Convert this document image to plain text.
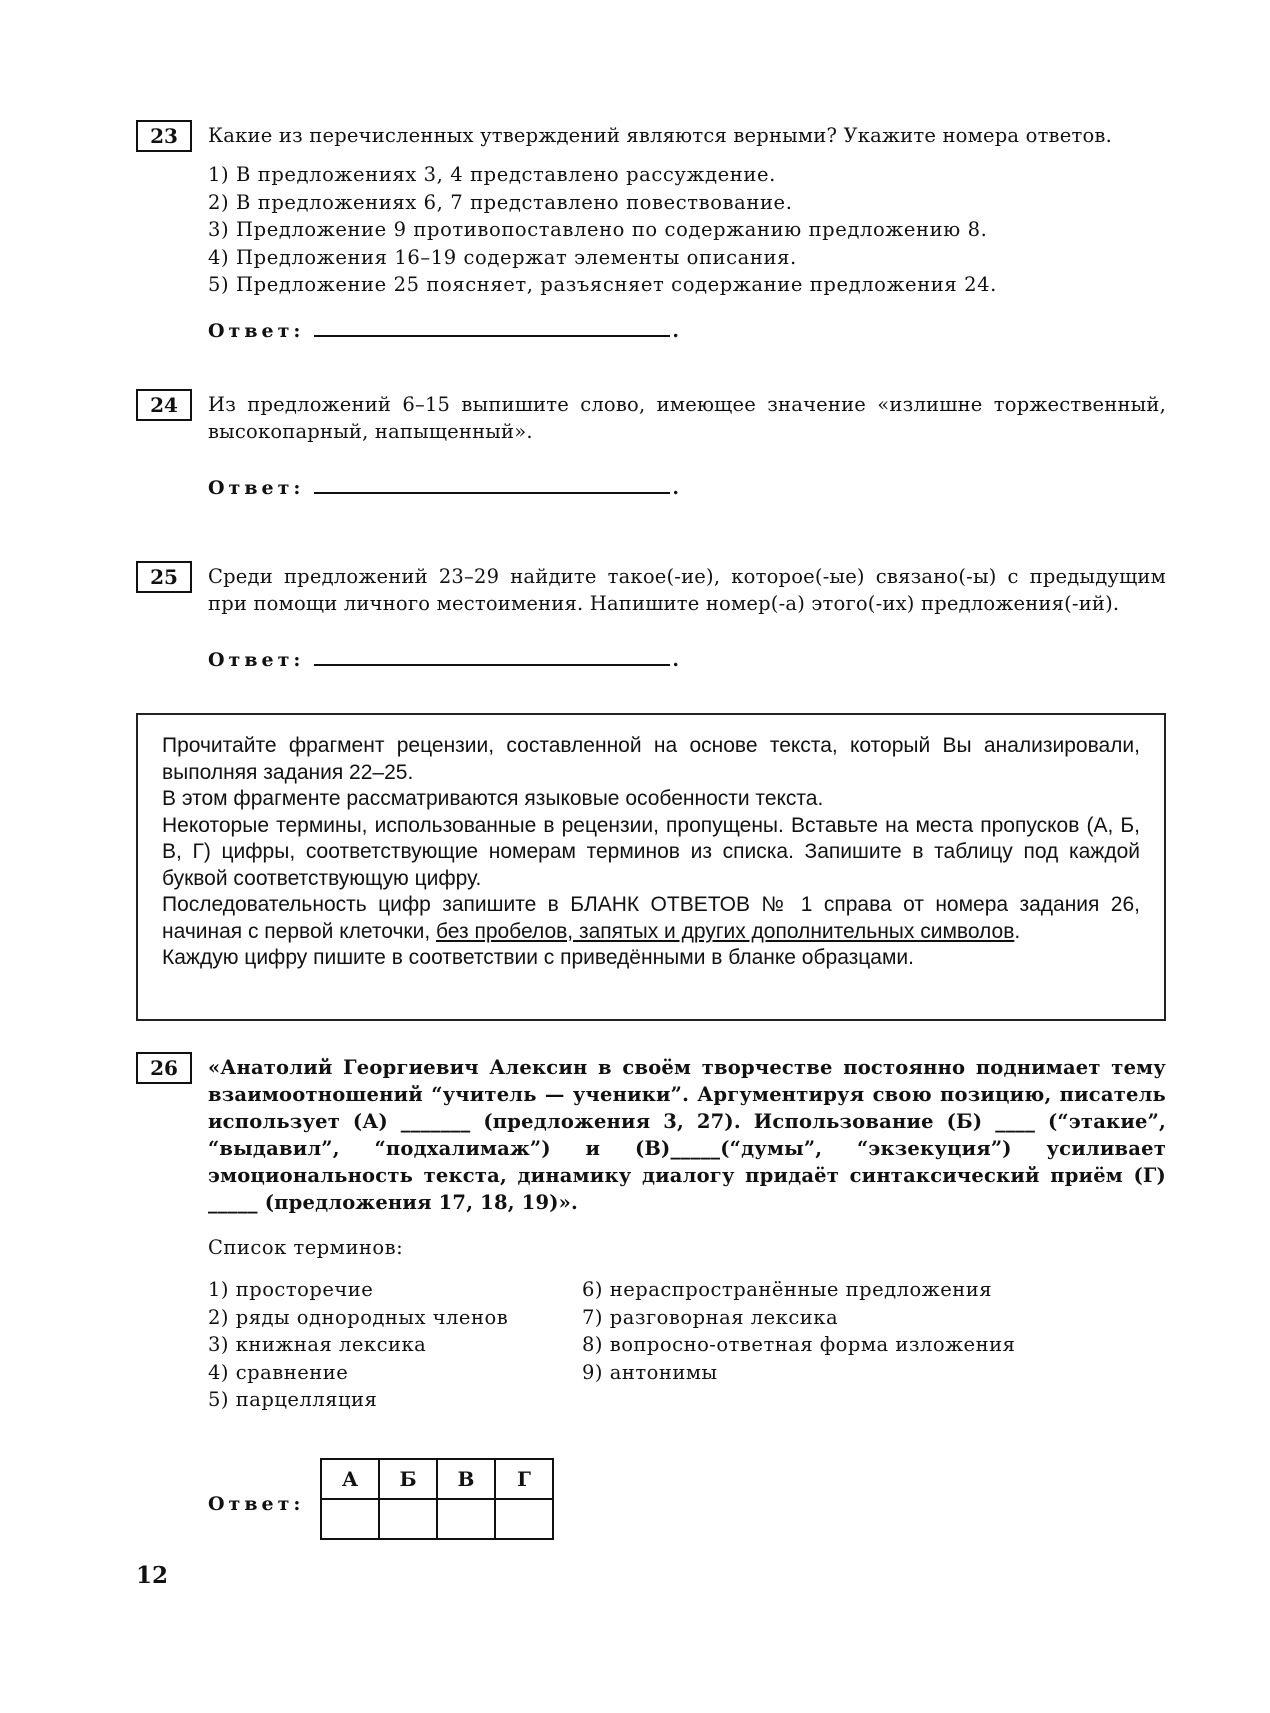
23	Какие из перечисленных утверждений являются верными? Укажите номера ответов.
1) В предложениях 3, 4 представлено рассуждение.
2) В предложениях 6, 7 представлено повествование.
3) Предложение 9 противопоставлено по содержанию предложению 8.
4) Предложения 16–19 содержат элементы описания.
5) Предложение 25 поясняет, разъясняет содержание предложения 24.
Ответ:	.
24	Из предложений 6–15 выпишите слово, имеющее значение «излишне торжественный, высокопарный, напыщенный».
Ответ:	.
25	Среди предложений 23–29 найдите такое(-ие), которое(-ые) связано(-ы) с предыдущим при помощи личного местоимения. Напишите номер(-а) этого(-их) предложения(-ий).
Ответ:	.

Прочитайте фрагмент рецензии, составленной на основе текста, который Вы анализировали, выполняя задания 22–25.

В этом фрагменте рассматриваются языковые особенности текста.

Некоторые термины, использованные в рецензии, пропущены. Вставьте на места пропусков (А, Б, В, Г) цифры, соответствующие номерам терминов из списка. Запишите в таблицу под каждой буквой соответствующую цифру.

Последовательность цифр запишите в БЛАНК ОТВЕТОВ № 1 справа от номера задания 26, начиная с первой клеточки, без пробелов, запятых и других дополнительных символов.

Каждую цифру пишите в соответствии с приведёнными в бланке образцами.

26	«Анатолий Георгиевич Алексин в своём творчестве постоянно поднимает тему взаимоотношений “учитель — ученики”. Аргументируя свою позицию, писатель использует (А) _______ (предложения 3, 27). Использование (Б) ____ (“этакие”, “выдавил”, “подхалимаж”) и (В)_____(“думы”, “экзекуция”) усиливает эмоциональность текста, динамику диалогу придаёт синтаксический приём (Г) _____ (предложения 17, 18, 19)».
Список терминов:
1) просторечие
2) ряды однородных членов
3) книжная лексика
4) сравнение
5) парцелляция
6) нераспространённые предложения
7) разговорная лексика
8) вопросно-ответная форма изложения
9) антонимы
Ответ:
А	Б	В	Г

12
